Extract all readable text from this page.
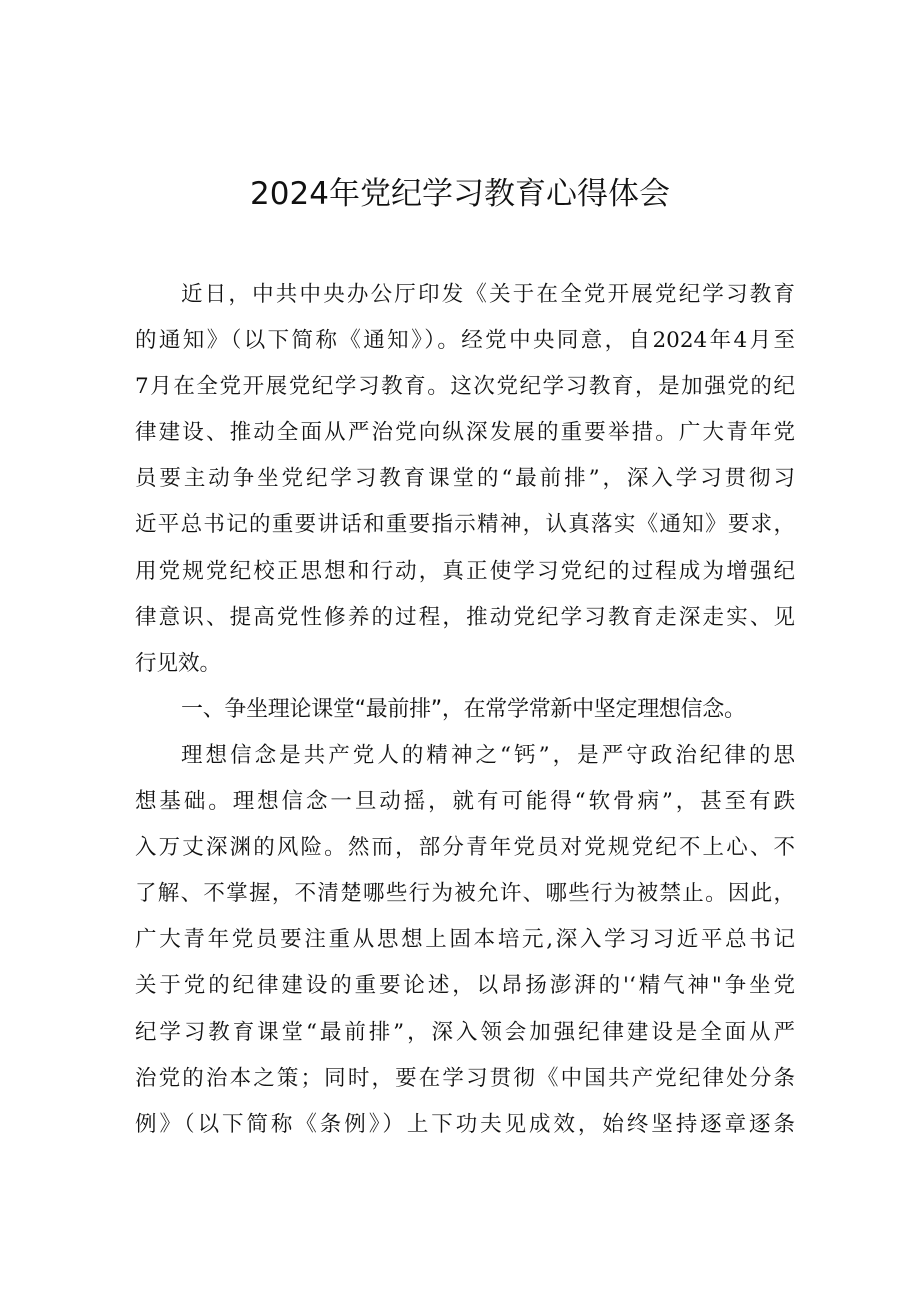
2024年党纪学习教育心得体会
近日，中共中央办公厅印发《关于在全党开展党纪学习教育
的通知》（以下简称《通知》）。经党中央同意，自2024年4月至
7月在全党开展党纪学习教育。这次党纪学习教育，是加强党的纪
律建设、推动全面从严治党向纵深发展的重要举措。广大青年党
员要主动争坐党纪学习教育课堂的“最前排”，深入学习贯彻习
近平总书记的重要讲话和重要指示精神，认真落实《通知》要求，
用党规党纪校正思想和行动，真正使学习党纪的过程成为增强纪
律意识、提高党性修养的过程，推动党纪学习教育走深走实、见
行见效。
一、争坐理论课堂“最前排”，在常学常新中坚定理想信念。
理想信念是共产党人的精神之“钙”，是严守政治纪律的思
想基础。理想信念一旦动摇，就有可能得“软骨病”，甚至有跌
入万丈深渊的风险。然而，部分青年党员对党规党纪不上心、不
了解、不掌握，不清楚哪些行为被允许、哪些行为被禁止。因此，
广大青年党员要注重从思想上固本培元,深入学习习近平总书记
关于党的纪律建设的重要论述，以昂扬澎湃的'‘精气神"争坐党
纪学习教育课堂“最前排”，深入领会加强纪律建设是全面从严
治党的治本之策；同时，要在学习贯彻《中国共产党纪律处分条
例》（以下简称《条例》）上下功夫见成效，始终坚持逐章逐条
